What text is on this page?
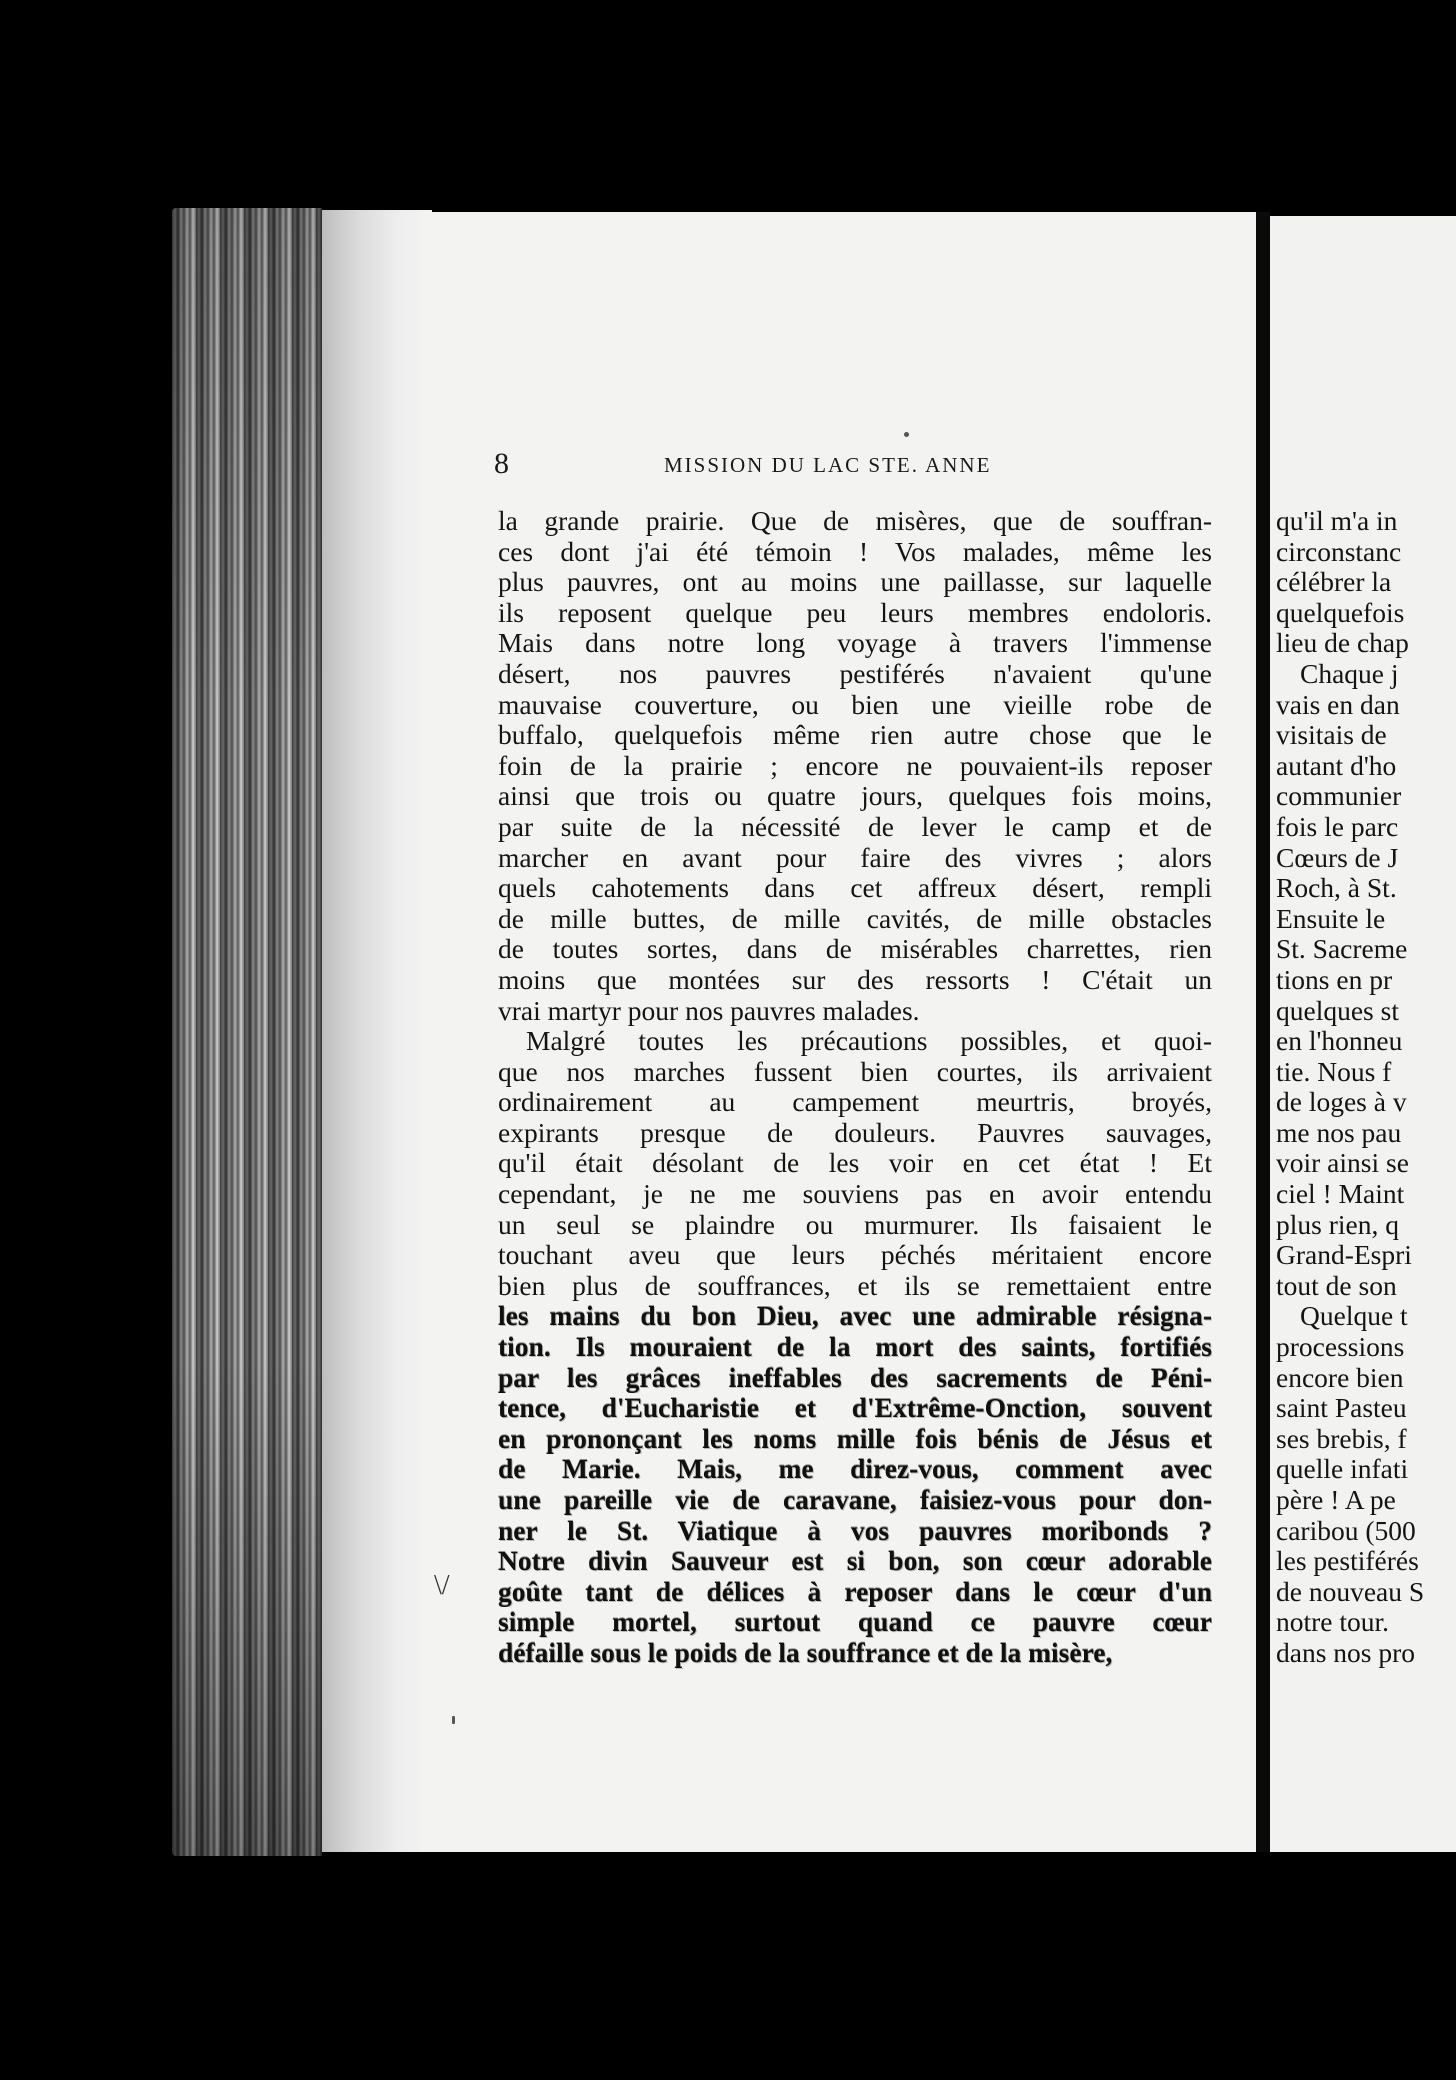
8	MISSION DU LAC STE. ANNE
la grande prairie. Que de misères, que de souffran-
ces dont j'ai été témoin ! Vos malades, même les
plus pauvres, ont au moins une paillasse, sur laquelle
ils reposent quelque peu leurs membres endoloris.
Mais dans notre long voyage à travers l'immense
désert, nos pauvres pestiférés n'avaient qu'une
mauvaise couverture, ou bien une vieille robe de
buffalo, quelquefois même rien autre chose que le
foin de la prairie ; encore ne pouvaient-ils reposer
ainsi que trois ou quatre jours, quelques fois moins,
par suite de la nécessité de lever le camp et de
marcher en avant pour faire des vivres ; alors
quels cahotements dans cet affreux désert, rempli
de mille buttes, de mille cavités, de mille obstacles
de toutes sortes, dans de misérables charrettes, rien
moins que montées sur des ressorts ! C'était un
vrai martyr pour nos pauvres malades.
Malgré toutes les précautions possibles, et quoi-
que nos marches fussent bien courtes, ils arrivaient
ordinairement au campement meurtris, broyés,
expirants presque de douleurs. Pauvres sauvages,
qu'il était désolant de les voir en cet état ! Et
cependant, je ne me souviens pas en avoir entendu
un seul se plaindre ou murmurer. Ils faisaient le
touchant aveu que leurs péchés méritaient encore
bien plus de souffrances, et ils se remettaient entre
les mains du bon Dieu, avec une admirable résigna-
tion. Ils mouraient de la mort des saints, fortifiés
par les grâces ineffables des sacrements de Péni-
tence, d'Eucharistie et d'Extrême-Onction, souvent
en prononçant les noms mille fois bénis de Jésus et
de Marie. Mais, me direz-vous, comment avec
une pareille vie de caravane, faisiez-vous pour don-
ner le St. Viatique à vos pauvres moribonds ?
Notre divin Sauveur est si bon, son cœur adorable
goûte tant de délices à reposer dans le cœur d'un
simple mortel, surtout quand ce pauvre cœur
défaille sous le poids de la souffrance et de la misère,
qu'il m'a in
circonstanc
célébrer la
quelquefois
lieu de chap
Chaque j
vais en dan
visitais de
autant d'ho
communier
fois le parc
Cœurs de J
Roch, à St.
Ensuite le
St. Sacreme
tions en pr
quelques st
en l'honneu
tie. Nous f
de loges à v
me nos pau
voir ainsi se
ciel ! Maint
plus rien, q
Grand-Espri
tout de son
Quelque t
processions
encore bien
saint Pasteu
ses brebis, f
quelle infati
père ! A pe
caribou (500
les pestiférés
de nouveau S
notre tour.
dans nos pro
\/
